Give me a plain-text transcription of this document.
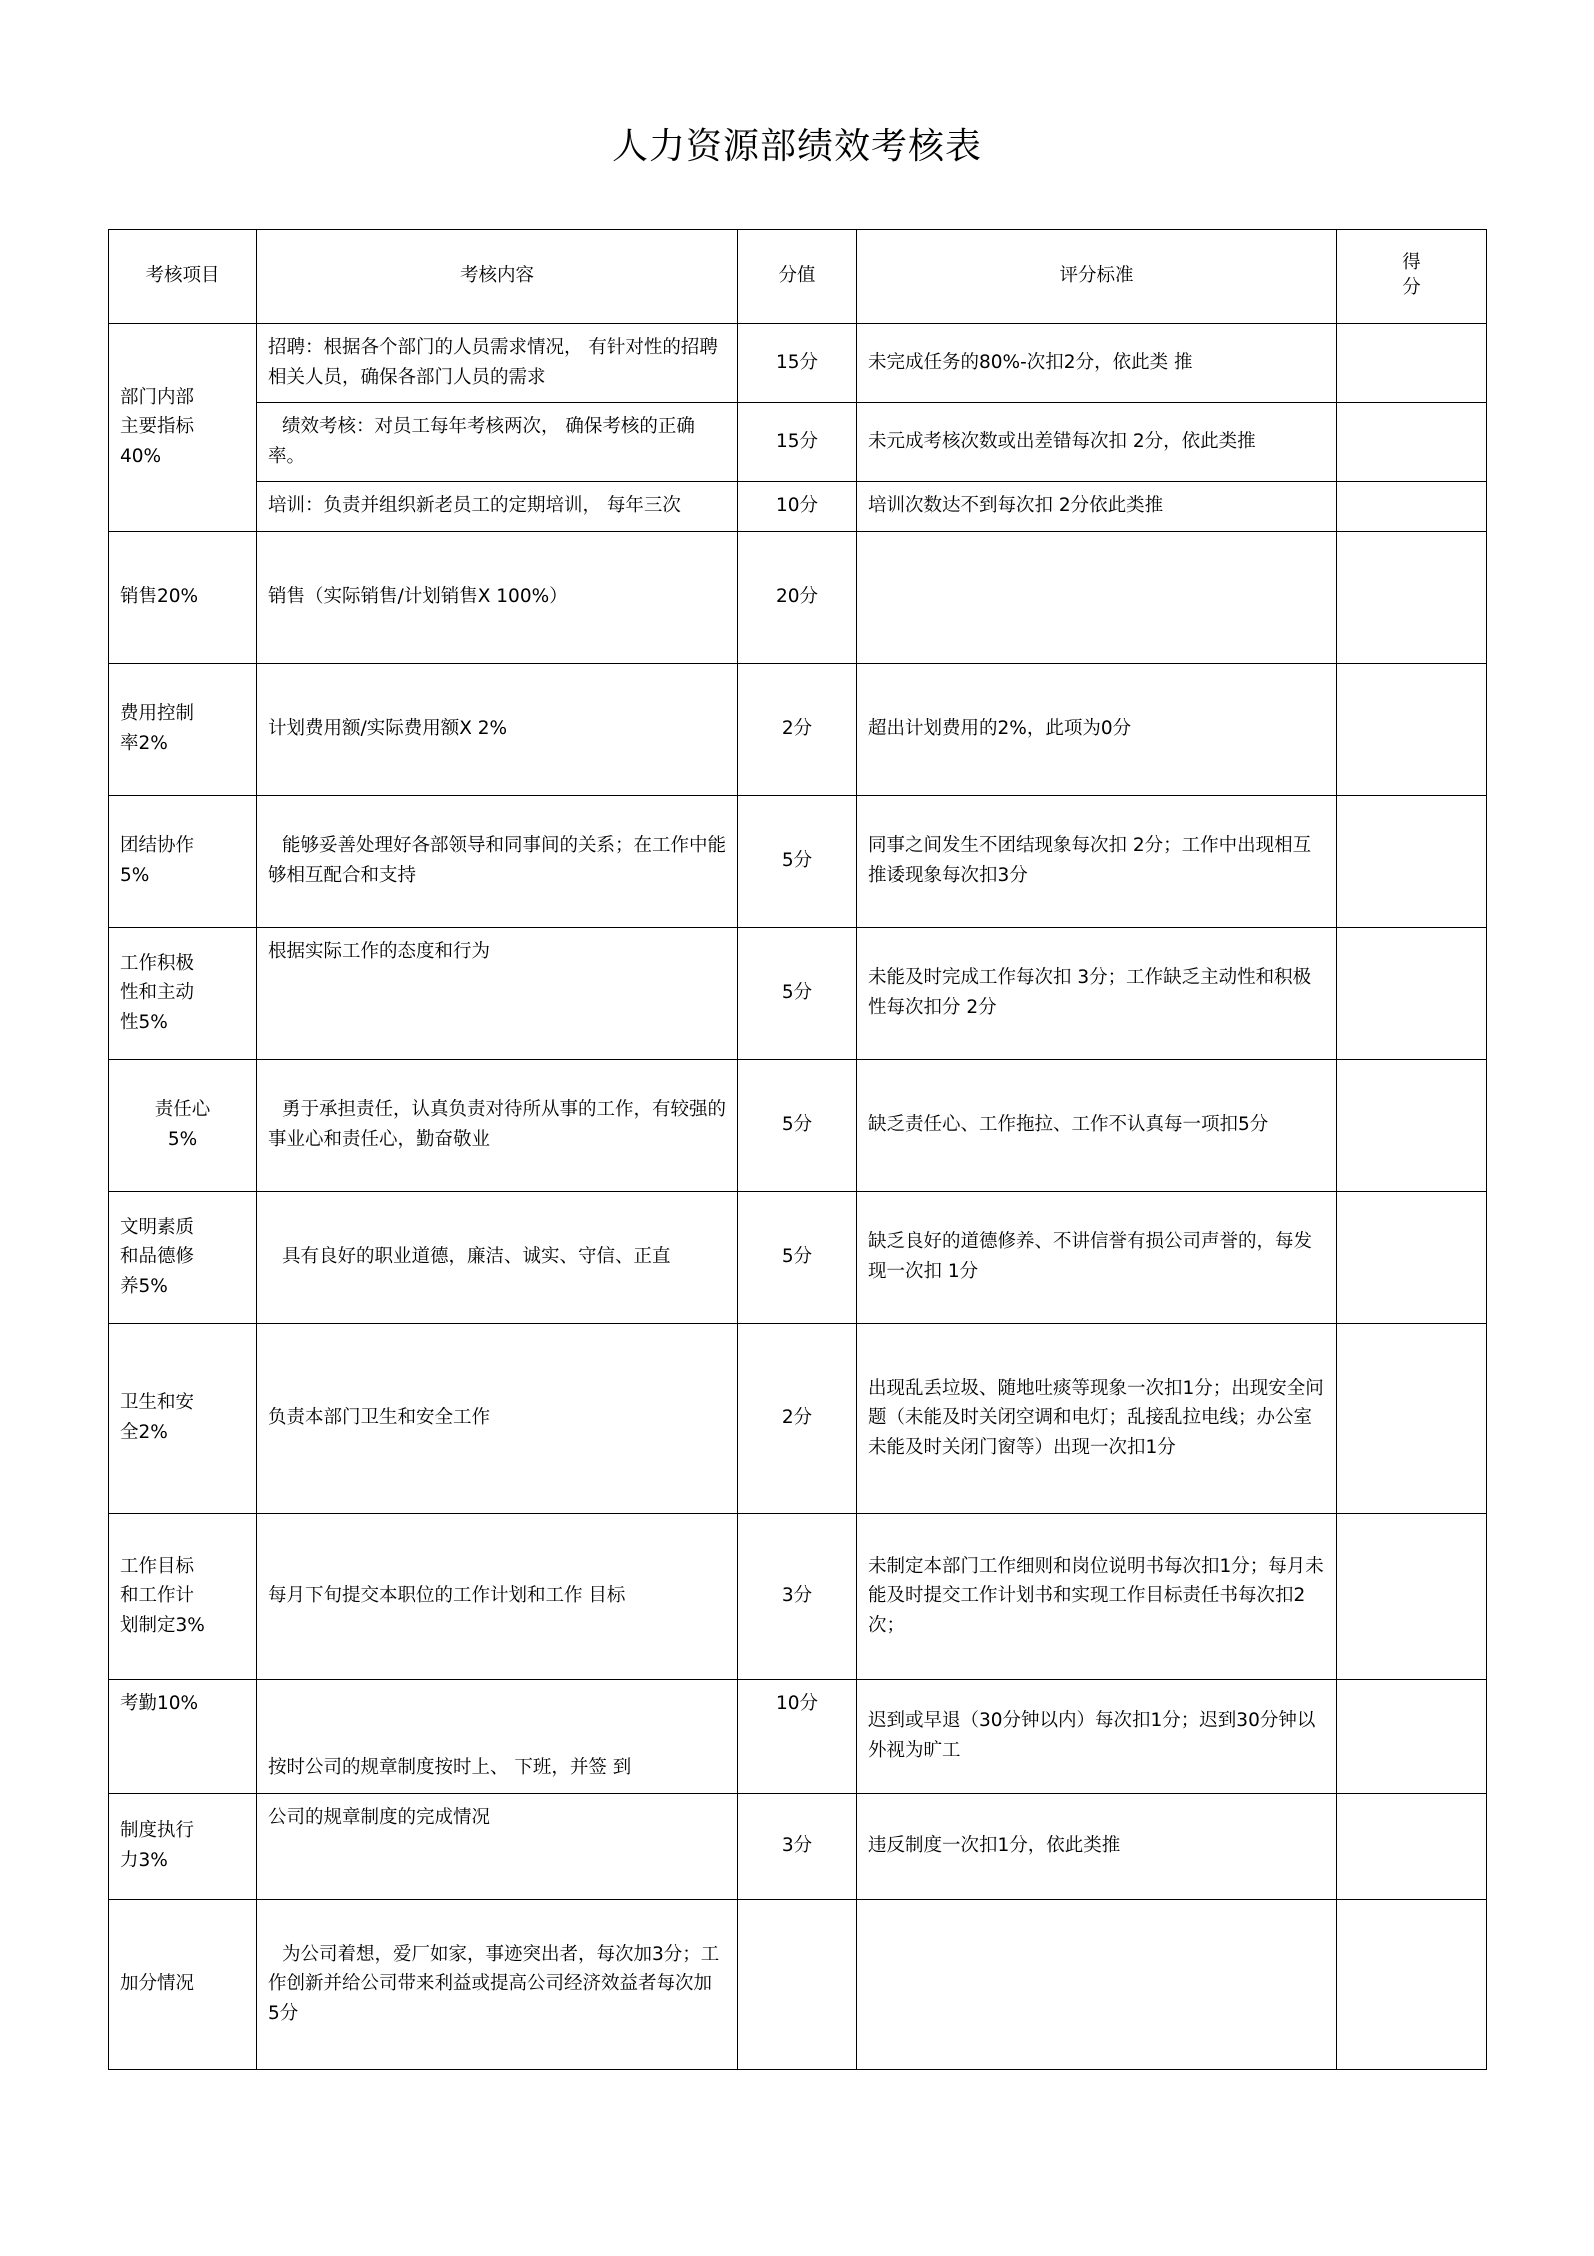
人力资源部绩效考核表
考核项目	考核内容	分值	评分标准	得
分
部门内部
主要指标
40%	招聘：根据各个部门的人员需求情况， 有针对性的招聘相关人员，确保各部门人员的需求	15分	未完成任务的80%-次扣2分，依此类 推	
	绩效考核：对员工每年考核两次， 确保考核的正确率。	15分	未元成考核次数或出差错每次扣 2分，依此类推	
	培训：负责并组织新老员工的定期培训， 每年三次	10分	培训次数达不到每次扣 2分依此类推	
销售20%	销售（实际销售/计划销售X 100%）	20分		
费用控制
率2%	计划费用额/实际费用额X 2%	2分	超出计划费用的2%，此项为0分	
团结协作
5%	能够妥善处理好各部领导和同事间的关系；在工作中能够相互配合和支持	5分	同事之间发生不团结现象每次扣 2分；工作中出现相互推诿现象每次扣3分	
工作积极
性和主动
性5%	根据实际工作的态度和行为	5分	未能及时完成工作每次扣 3分；工作缺乏主动性和积极性每次扣分 2分	
责任心
5%	勇于承担责任，认真负责对待所从事的工作，有较强的事业心和责任心，勤奋敬业	5分	缺乏责任心、工作拖拉、工作不认真每一项扣5分	
文明素质
和品德修
养5%	具有良好的职业道德，廉洁、诚实、守信、正直	5分	缺乏良好的道德修养、不讲信誉有损公司声誉的，每发现一次扣 1分	
卫生和安
全2%	负责本部门卫生和安全工作	2分	出现乱丢垃圾、随地吐痰等现象一次扣1分；出现安全问题（未能及时关闭空调和电灯；乱接乱拉电线；办公室未能及时关闭门窗等）出现一次扣1分	
工作目标
和工作计
划制定3%	每月下旬提交本职位的工作计划和工作 目标	3分	未制定本部门工作细则和岗位说明书每次扣1分；每月未能及时提交工作计划书和实现工作目标责任书每次扣2次；	
考勤10%	按时公司的规章制度按时上、 下班，并签 到	10分	迟到或早退（30分钟以内）每次扣1分；迟到30分钟以外视为旷工	
制度执行
力3%	公司的规章制度的完成情况	3分	违反制度一次扣1分，依此类推	
加分情况	为公司着想，爱厂如家，事迹突出者，每次加3分；工作创新并给公司带来利益或提高公司经济效益者每次加 5分			
